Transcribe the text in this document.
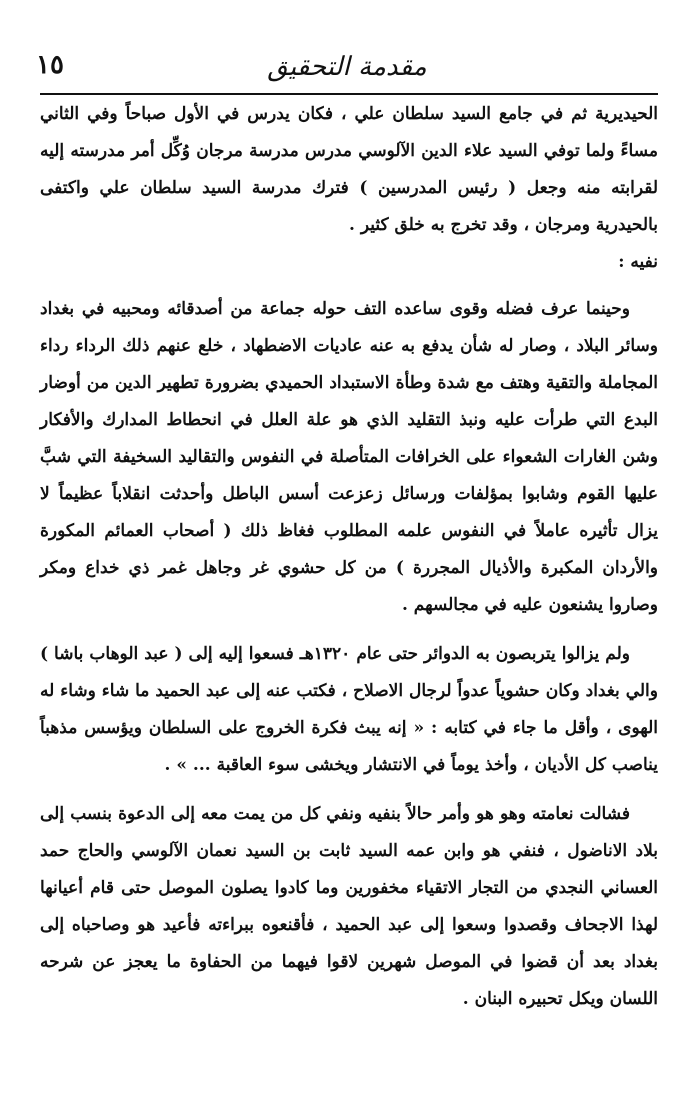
١٥	مقدمة التحقيق

الحيديرية ثم في جامع السيد سلطان علي ، فكان يدرس في الأول صباحاً وفي الثاني مساءً ولما توفي السيد علاء الدين الآلوسي مدرس مدرسة مرجان وُكِّل أمر مدرسته إليه لقرابته منه وجعل ( رئيس المدرسين ) فترك مدرسة السيد سلطان علي واكتفى بالحيدرية ومرجان ، وقد تخرج به خلق كثير .

نفيه :

وحينما عرف فضله وقوى ساعده التف حوله جماعة من أصدقائه ومحبيه في بغداد وسائر البلاد ، وصار له شأن يدفع به عنه عاديات الاضطهاد ، خلع عنهم ذلك الرداء رداء المجاملة والتقية وهتف مع شدة وطأة الاستبداد الحميدي بضرورة تطهير الدين من أوضار البدع التي طرأت عليه ونبذ التقليد الذي هو علة العلل في انحطاط المدارك والأفكار وشن الغارات الشعواء على الخرافات المتأصلة في النفوس والتقاليد السخيفة التي شبَّ عليها القوم وشابوا بمؤلفات ورسائل زعزعت أسس الباطل وأحدثت انقلاباً عظيماً لا يزال تأثيره عاملاً في النفوس علمه المطلوب فغاظ ذلك ( أصحاب العمائم المكورة والأردان المكبرة والأذيال المجررة ) من كل حشوي غر وجاهل غمر ذي خداع ومكر وصاروا يشنعون عليه في مجالسهم .

ولم يزالوا يتربصون به الدوائر حتى عام ١٣٢٠هـ فسعوا إليه إلى ( عبد الوهاب باشا ) والي بغداد وكان حشوياً عدواً لرجال الاصلاح ، فكتب عنه إلى عبد الحميد ما شاء وشاء له الهوى ، وأقل ما جاء في كتابه : « إنه يبث فكرة الخروج على السلطان ويؤسس مذهباً يناصب كل الأديان ، وأخذ يوماً في الانتشار ويخشى سوء العاقبة ... » .

فشالت نعامته وهو هو وأمر حالاً بنفيه ونفي كل من يمت معه إلى الدعوة بنسب إلى بلاد الاناضول ، فنفي هو وابن عمه السيد ثابت بن السيد نعمان الآلوسي والحاج حمد العساني النجدي من التجار الاتقياء مخفورين وما كادوا يصلون الموصل حتى قام أعيانها لهذا الاجحاف وقصدوا وسعوا إلى عبد الحميد ، فأقنعوه ببراءته فأعيد هو وصاحباه إلى بغداد بعد أن قضوا في الموصل شهرين لاقوا فيهما من الحفاوة ما يعجز عن شرحه اللسان ويكل تحبيره البنان .
